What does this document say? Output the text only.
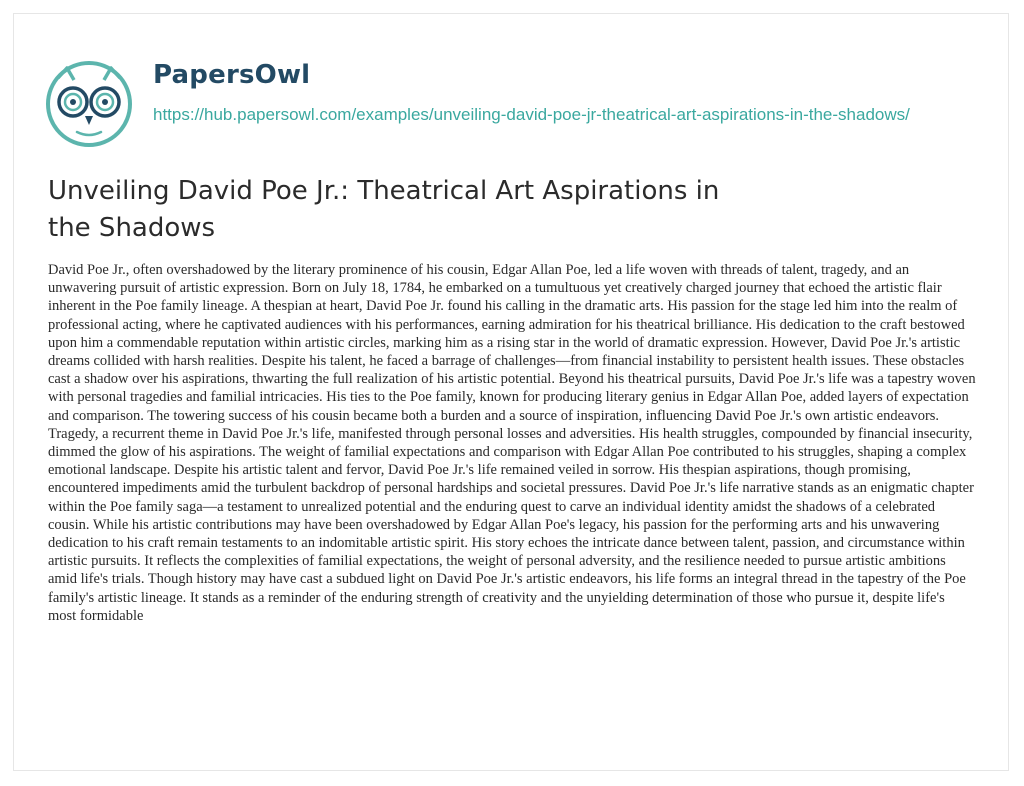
PapersOwl
https://hub.papersowl.com/examples/unveiling-david-poe-jr-theatrical-art-aspirations-in-the-shadows/
Unveiling David Poe Jr.: Theatrical Art Aspirations in the Shadows

David Poe Jr., often overshadowed by the literary prominence of his cousin, Edgar Allan Poe, led a life woven with threads of talent, tragedy, and an unwavering pursuit of artistic expression. Born on July 18, 1784, he embarked on a tumultuous yet creatively charged journey that echoed the artistic flair inherent in the Poe family lineage. A thespian at heart, David Poe Jr. found his calling in the dramatic arts. His passion for the stage led him into the realm of professional acting, where he captivated audiences with his performances, earning admiration for his theatrical brilliance. His dedication to the craft bestowed upon him a commendable reputation within artistic circles, marking him as a rising star in the world of dramatic expression. However, David Poe Jr.'s artistic dreams collided with harsh realities. Despite his talent, he faced a barrage of challenges—from financial instability to persistent health issues. These obstacles cast a shadow over his aspirations, thwarting the full realization of his artistic potential. Beyond his theatrical pursuits, David Poe Jr.'s life was a tapestry woven with personal tragedies and familial intricacies. His ties to the Poe family, known for producing literary genius in Edgar Allan Poe, added layers of expectation and comparison. The towering success of his cousin became both a burden and a source of inspiration, influencing David Poe Jr.'s own artistic endeavors. Tragedy, a recurrent theme in David Poe Jr.'s life, manifested through personal losses and adversities. His health struggles, compounded by financial insecurity, dimmed the glow of his aspirations. The weight of familial expectations and comparison with Edgar Allan Poe contributed to his struggles, shaping a complex emotional landscape. Despite his artistic talent and fervor, David Poe Jr.'s life remained veiled in sorrow. His thespian aspirations, though promising, encountered impediments amid the turbulent backdrop of personal hardships and societal pressures. David Poe Jr.'s life narrative stands as an enigmatic chapter within the Poe family saga—a testament to unrealized potential and the enduring quest to carve an individual identity amidst the shadows of a celebrated cousin. While his artistic contributions may have been overshadowed by Edgar Allan Poe's legacy, his passion for the performing arts and his unwavering dedication to his craft remain testaments to an indomitable artistic spirit. His story echoes the intricate dance between talent, passion, and circumstance within artistic pursuits. It reflects the complexities of familial expectations, the weight of personal adversity, and the resilience needed to pursue artistic ambitions amid life's trials. Though history may have cast a subdued light on David Poe Jr.'s artistic endeavors, his life forms an integral thread in the tapestry of the Poe family's artistic lineage. It stands as a reminder of the enduring strength of creativity and the unyielding determination of those who pursue it, despite life's most formidable
